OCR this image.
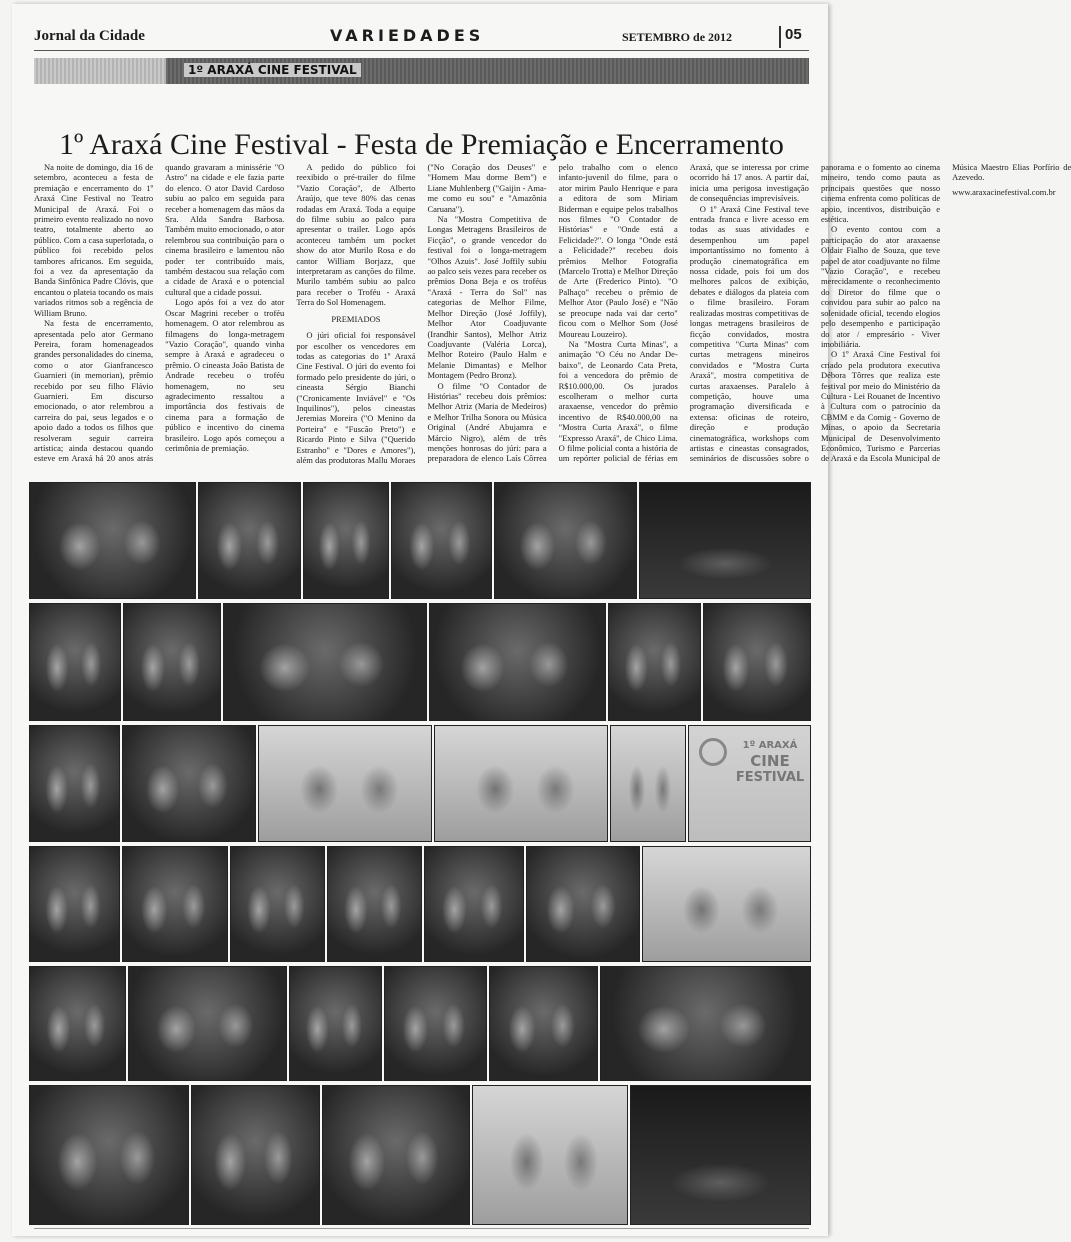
Jornal da Cidade	VARIEDADES	SETEMBRO de 2012	05
1º ARAXÁ CINE FESTIVAL
1º Araxá Cine Festival - Festa de Premiação e Encerramento

Na noite de domingo, dia 16 de setembro, aconteceu a festa de premiação e encerramento do 1º Araxá Cine Festival no Teatro Municipal de Araxá. Foi o primeiro evento realizado no novo teatro, totalmente aberto ao público. Com a casa superlotada, o público foi recebido pelos tambores africanos. Em seguida, foi a vez da apresentação da Banda Sinfônica Padre Clóvis, que encantou o plateia tocando os mais variados ritmos sob a regência de William Bruno.

Na festa de encerramento, apresentada pelo ator Germano Pereira, foram homenageados grandes personalidades do cinema, como o ator Gianfrancesco Guarnieri (in memorian), prêmio recebido por seu filho Flávio Guarnieri. Em discurso emocionado, o ator relembrou a carreira do pai, seus legados e o apoio dado a todos os filhos que resolveram seguir carreira artística; ainda destacou quando esteve em Araxá há 20 anos atrás quando gravaram a minissérie "O Astro" na cidade e ele fazia parte do elenco. O ator David Cardoso subiu ao palco em seguida para receber a homenagem das mãos da Sra. Alda Sandra Barbosa. Também muito emocionado, o ator relembrou sua contribuição para o cinema brasileiro e lamentou não poder ter contribuído mais, também destacou sua relação com a cidade de Araxá e o potencial cultural que a cidade possui.

Logo após foi a vez do ator Oscar Magrini receber o troféu homenagem. O ator relembrou as filmagens do longa-metragem "Vazio Coração", quando vinha sempre à Araxá e agradeceu o prêmio. O cineasta João Batista de Andrade recebeu o troféu homenagem, no seu agradecimento ressaltou a importância dos festivais de cinema para a formação de público e incentivo do cinema brasileiro. Logo após começou a cerimônia de premiação.

A pedido do público foi reexibido o pré-trailer do filme "Vazio Coração", de Alberto Araújo, que teve 80% das cenas rodadas em Araxá. Toda a equipe do filme subiu ao palco para apresentar o trailer. Logo após aconteceu também um pocket show do ator Murilo Rosa e do cantor William Borjazz, que interpretaram as canções do filme. Murilo também subiu ao palco para receber o Troféu - Araxá Terra do Sol Homenagem.

PREMIADOS

O júri oficial foi responsável por escolher os vencedores em todas as categorias do 1º Araxá Cine Festival. O júri do evento foi formado pelo presidente do júri, o cineasta Sérgio Bianchi ("Cronicamente Inviável" e "Os Inquilinos"), pelos cineastas Jeremias Moreira ("O Menino da Porteira" e "Fuscão Preto") e Ricardo Pinto e Silva ("Querido Estranho" e "Dores e Amores"), além das produtoras Mallu Moraes ("No Coração dos Deuses" e "Homem Mau dorme Bem") e Liane Muhlenberg ("Gaijin - Ama-me como eu sou" e "Amazônia Caruana").

Na "Mostra Competitiva de Longas Metragens Brasileiros de Ficção", o grande vencedor do festival foi o longa-metragem "Olhos Azuis". José Joffily subiu ao palco seis vezes para receber os prêmios Dona Beja e os troféus "Araxá - Terra do Sol" nas categorias de Melhor Filme, Melhor Direção (José Joffily), Melhor Ator Coadjuvante (Irandhir Santos), Melhor Atriz Coadjuvante (Valéria Lorca), Melhor Roteiro (Paulo Halm e Melanie Dimantas) e Melhor Montagem (Pedro Bronz).

O filme "O Contador de Histórias" recebeu dois prêmios: Melhor Atriz (Maria de Medeiros) e Melhor Trilha Sonora ou Música Original (André Abujamra e Márcio Nigro), além de três menções honrosas do júri: para a preparadora de elenco Laís Côrrea pelo trabalho com o elenco infanto-juvenil do filme, para o ator mirim Paulo Henrique e para a editora de som Miriam Biderman e equipe pelos trabalhos nos filmes "O Contador de Histórias" e "Onde está a Felicidade?". O longa "Onde está a Felicidade?" recebeu dois prêmios Melhor Fotografia (Marcelo Trotta) e Melhor Direção de Arte (Frederico Pinto). "O Palhaço" recebeu o prêmio de Melhor Ator (Paulo José) e "Não se preocupe nada vai dar certo" ficou com o Melhor Som (José Moureau Louzeiro).

Na "Mostra Curta Minas", a animação "O Céu no Andar De-baixo", de Leonardo Cata Preta, foi a vencedora do prêmio de R$10.000,00. Os jurados escolheram o melhor curta araxaense, vencedor do prêmio incentivo de R$40.000,00 na "Mostra Curta Araxá", o filme "Expresso Araxá", de Chico Lima. O filme policial conta a história de um repórter policial de férias em Araxá, que se interessa por crime ocorrido há 17 anos. A partir daí, inicia uma perigosa investigação de consequências imprevisíveis.

O 1º Araxá Cine Festival teve entrada franca e livre acesso em todas as suas atividades e desempenhou um papel importantíssimo no fomento à produção cinematográfica em nossa cidade, pois foi um dos melhores palcos de exibição, debates e diálogos da plateia com o filme brasileiro. Foram realizadas mostras competitivas de longas metragens brasileiros de ficção convidados, mostra competitiva "Curta Minas" com curtas metragens mineiros convidados e "Mostra Curta Araxá", mostra competitiva de curtas araxaenses. Paralelo à competição, houve uma programação diversificada e extensa: oficinas de roteiro, direção e produção cinematográfica, workshops com artistas e cineastas consagrados, seminários de discussões sobre o panorama e o fomento ao cinema mineiro, tendo como pauta as principais questões que nosso cinema enfrenta como políticas de apoio, incentivos, distribuição e estética.

O evento contou com a participação do ator araxaense Oldair Fialho de Souza, que teve papel de ator coadjuvante no filme "Vazio Coração", e recebeu merecidamente o reconhecimento do Diretor do filme que o convidou para subir ao palco na solenidade oficial, tecendo elogios pelo desempenho e participação do ator / empresário - Viver imobiliária.

O 1º Araxá Cine Festival foi criado pela produtora executiva Débora Tôrres que realiza este festival por meio do Ministério da Cultura - Lei Rouanet de Incentivo à Cultura com o patrocínio da CBMM e da Comig - Governo de Minas, o apoio da Secretaria Municipal de Desenvolvimento Econômico, Turismo e Parcerias de Araxá e da Escola Municipal de Música Maestro Elias Porfírio de Azevedo.

www.araxacinefestival.com.br

1º ARAXÁ
CINE
FESTIVAL
